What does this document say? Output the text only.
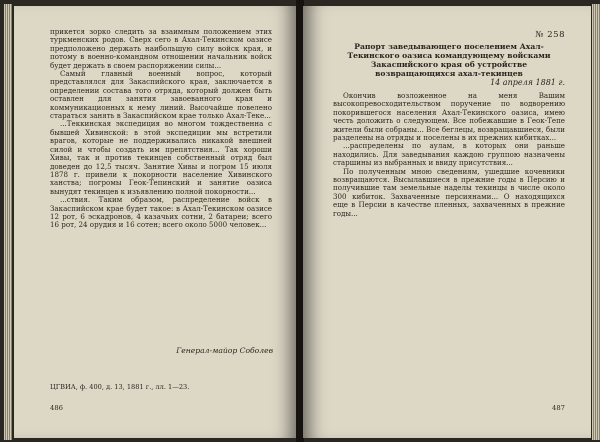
прикется зорко следить за взаимным положением этих туркменских родов. Сверх сего в Ахал-Текинском оазисе предположено держать наибольшую силу войск края, и потому в военно-командном отношении начальник войск будет держать в своем распоряжении силы...

Самый главный военный вопрос, который представлялся для Закаспийского края, заключается в определении состава того отряда, который должен быть оставлен для занятия завоеванного края и коммуникационных к нему линий. Высочайше повелено стараться занять в Закаспийском крае только Ахал-Теке...

...Теккинская экспедиция во многом тождественна с бывшей Хивинской: в этой экспедиции мы встретили врагов, которые не поддерживались никакой внешней силой и чтобы создать им препятствия... Так хороши Хивы, так и против текинцев собственный отряд был доведен до 12,5 тысяч. Занятие Хивы и погром 15 июля 1878 г. привели к покорности население Хивинского ханства; погромы Геок-Тепинский и занятие оазиса вынудят текинцев к изъявлению полной покорности...

...ствия. Таким образом, распределение войск в Закаспийском крае будет такое: в Ахал-Текинском оазисе 12 рот, 6 эскадронов, 4 казачьих сотни, 2 батареи; всего 16 рот, 24 орудия и 16 сотен; всего около 5000 человек...

Генерал-майор Соболев
ЦГВИА, ф. 400, д. 13, 1881 г., лл. 1—23.
486
№ 258
Рапорт заведывающего поселением Ахал-Текинского оазиса командующему войсками Закаспийского края об устройстве возвращающихся ахал-текинцев
14 апреля 1881 г.

Окончив возложенное на меня Вашим высокопревосходительством поручение по водворению покорившегося населения Ахал-Текинского оазиса, имею честь доложить о следующем. Все побежавшие в Геок-Тепе жители были собраны... Все беглецы, возвращавшиеся, были разделены на отряды и поселены в их прежних кибитках...

...распределены по аулам, в которых они раньше находились. Для заведывания каждою группою назначены старшины из выбранных и ввиду присутствия...

По полученным мною сведениям, ушедшие кочевники возвращаются. Высылавшиеся в прежние годы в Персию и получившие там земельные наделы текинцы в числе около 300 кибиток. Захваченные персиянами... О находящихся еще в Персии в качестве пленных, захваченных в прежние годы...

487
